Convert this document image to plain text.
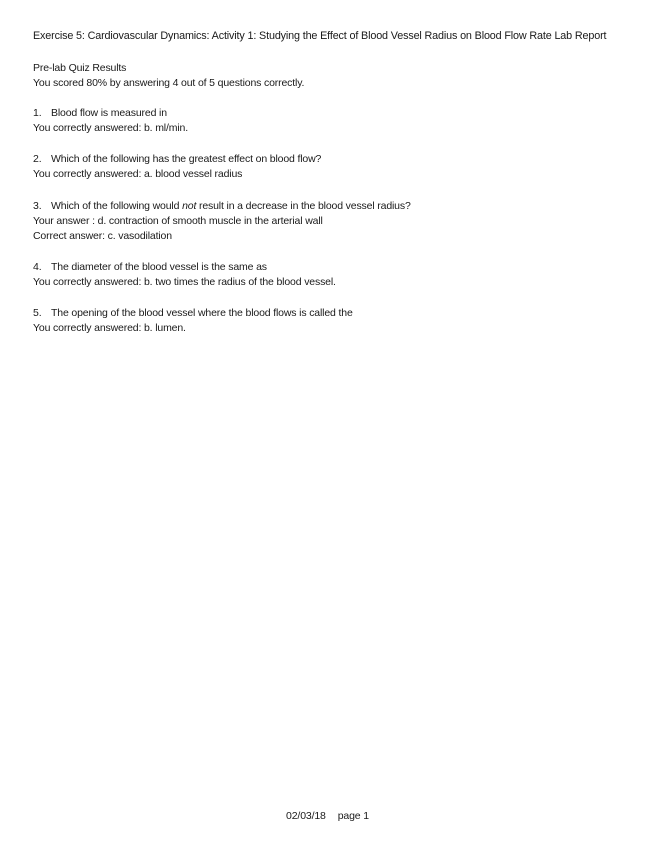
Exercise 5: Cardiovascular Dynamics: Activity 1: Studying the Effect of Blood Vessel Radius on Blood Flow Rate Lab Report
Pre-lab Quiz Results
You scored 80% by answering 4 out of 5 questions correctly.
1. Blood flow is measured in
You correctly answered: b. ml/min.
2. Which of the following has the greatest effect on blood flow?
You correctly answered: a. blood vessel radius
3. Which of the following would not result in a decrease in the blood vessel radius?
Your answer : d. contraction of smooth muscle in the arterial wall
Correct answer: c. vasodilation
4. The diameter of the blood vessel is the same as
You correctly answered: b. two times the radius of the blood vessel.
5. The opening of the blood vessel where the blood flows is called the
You correctly answered: b. lumen.
02/03/18 page 1
